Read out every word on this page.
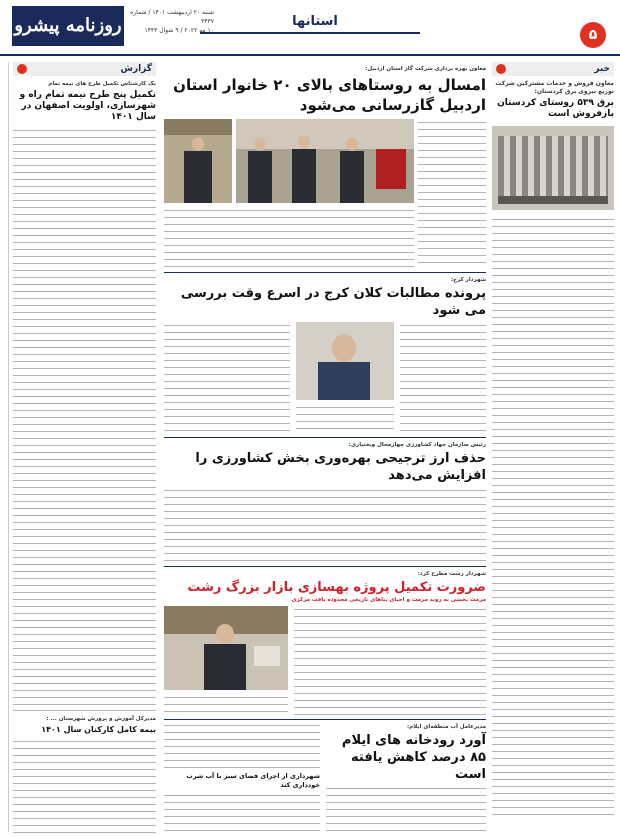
۵
استانها
شنبه ۲۰ اردیبهشت ۱۴۰۱ / شماره ۳۴۳۷
۱۰ مه ۲۰۲۲ / ۹ شوال ۱۴۴۳
روزنامه پیشرو
خبر
معاون فروش و خدمات مشترکین شرکت توزیع نیروی برق کردستان:
برق ۵۳۹ روستای کردستان بازفروش است
گزارش
یک کارشناس تکمیل طرح های نیمه تمام
تکمیل پنج طرح نیمه تمام راه و شهرسازی، اولویت اصفهان در سال ۱۴۰۱
مدیرکل آموزش و پرورش شهرستان ... :
بیمه کامل کارکنان سال ۱۴۰۱
معاون بهره برداری شرکت گاز استان اردبیل:
امسال به روستاهای بالای ۲۰ خانوار استان اردبیل گازرسانی می‌شود
شهردار کرج:
پرونده مطالبات کلان کرج در اسرع وقت بررسی می شود
رئیس سازمان جهاد کشاورزی چهارمحال وبختیاری:
حذف ارز ترجیحی بهره‌وری بخش کشاورزی را افزایش می‌دهد
شهردار رشت مطرح کرد:
ضرورت تکمیل پروژه بهسازی بازار بزرگ رشت
مرمت بخشی به روند مرمت و احیای بناهای تاریخی محدوده بافت مرکزی
مدیرعامل آب منطقه‌ای ایلام:
آورد رودخانه های ایلام ۸۵ درصد کاهش یافته است
شهرداری از اجرای فضای سبز با آب شرب خودداری کند
